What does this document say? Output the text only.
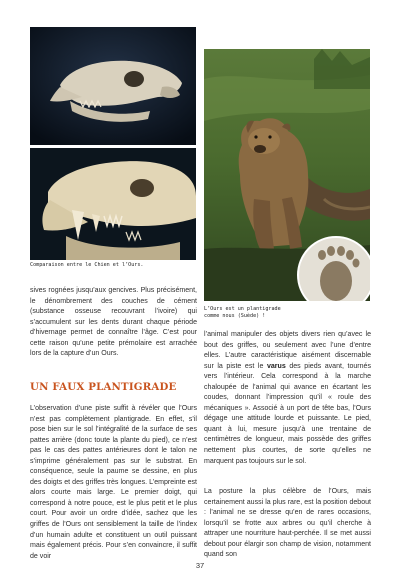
Comparaison entre le Chien et l’Ours.
L’Ours est un plantigrade
comme nous (Suède) !

sives rognées jusqu’aux gencives. Plus précisément, le dénombrement des couches de cément (substance osseuse recouvrant l’ivoire) qui s’accumulent sur les dents durant chaque période d’hivernage permet de connaître l’âge. C’est pour cette raison qu’une petite prémolaire est arrachée lors de la capture d’un Ours.

UN FAUX PLANTIGRADE

L’observation d’une piste suffit à révéler que l’Ours n’est pas complètement plantigrade. En effet, s’il pose bien sur le sol l’intégralité de la surface de ses pattes arrière (donc toute la plante du pied), ce n’est pas le cas des pattes antérieures dont le talon ne s’imprime généralement pas sur le substrat. En conséquence, seule la paume se dessine, en plus des doigts et des griffes très longues. L’empreinte est alors courte mais large. Le premier doigt, qui correspond à notre pouce, est le plus petit et le plus court. Pour avoir un ordre d’idée, sachez que les griffes de l’Ours ont sensiblement la taille de l’index d’un humain adulte et constituent un outil puissant mais également précis. Pour s’en convaincre, il suffit de voir

l’animal manipuler des objets divers rien qu’avec le bout des griffes, ou seulement avec l’une d’entre elles. L’autre caractéristique aisément discernable sur la piste est le varus des pieds avant, tournés vers l’intérieur. Cela correspond à la marche chaloupée de l’animal qui avance en écartant les coudes, donnant l’impression qu’il « roule des mécaniques ». Associé à un port de tête bas, l’Ours dégage une attitude lourde et puissante. Le pied, quant à lui, mesure jusqu’à une trentaine de centimètres de longueur, mais possède des griffes nettement plus courtes, de sorte qu’elles ne marquent pas toujours sur le sol.

La posture la plus célèbre de l’Ours, mais certainement aussi la plus rare, est la position debout : l’animal ne se dresse qu’en de rares occasions, lorsqu’il se frotte aux arbres ou qu’il cherche à attraper une nourriture haut-perchée. Il se met aussi debout pour élargir son champ de vision, notamment quand son

37
